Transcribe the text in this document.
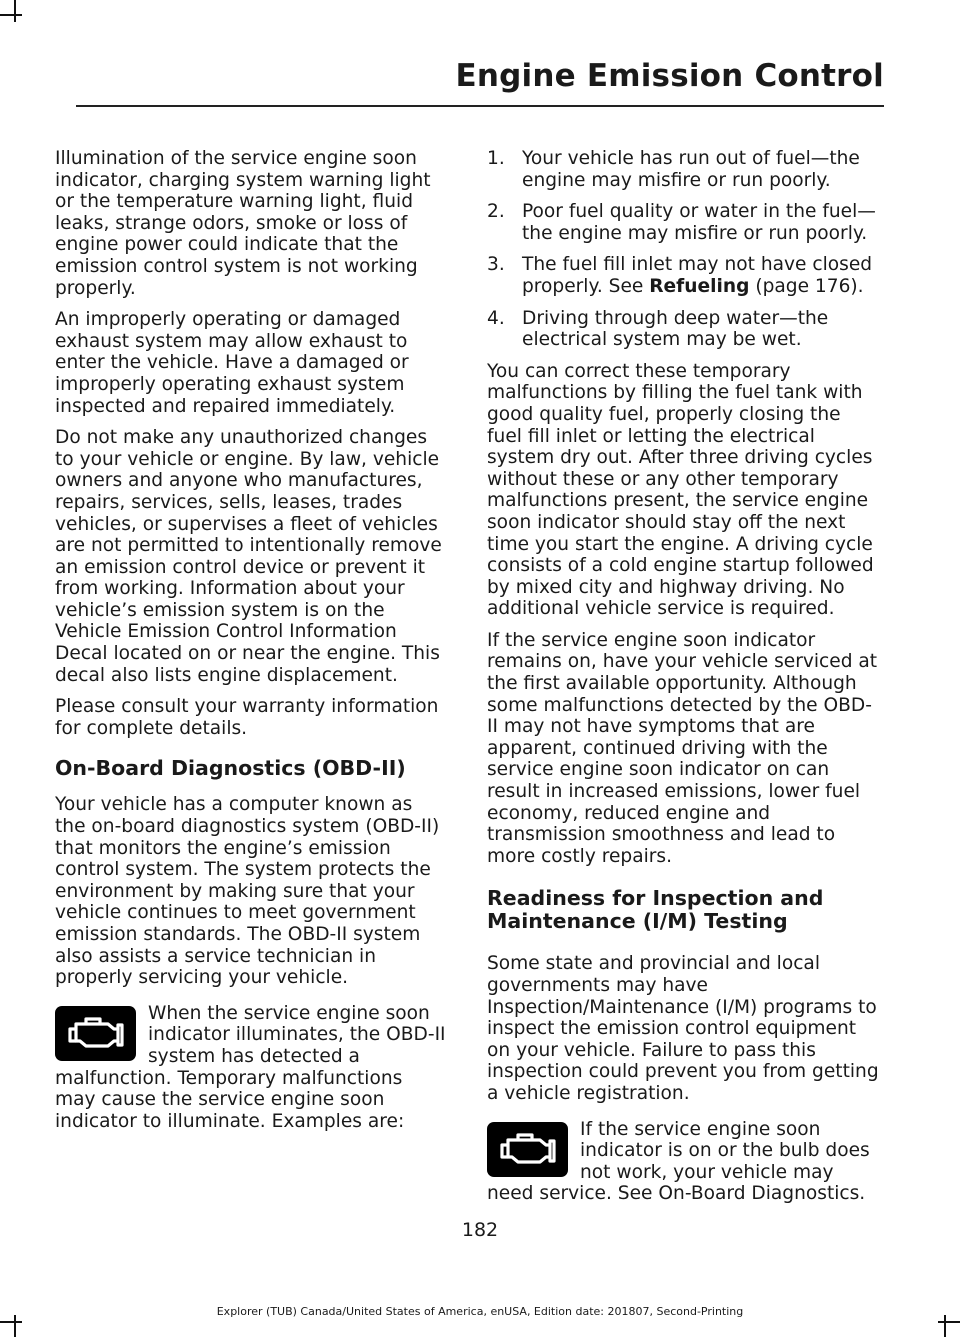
Engine Emission Control

Illumination of the service engine soon indicator, charging system warning light or the temperature warning light, fluid leaks, strange odors, smoke or loss of engine power could indicate that the emission control system is not working properly.

An improperly operating or damaged exhaust system may allow exhaust to enter the vehicle. Have a damaged or improperly operating exhaust system inspected and repaired immediately.

Do not make any unauthorized changes to your vehicle or engine. By law, vehicle owners and anyone who manufactures, repairs, services, sells, leases, trades vehicles, or supervises a fleet of vehicles are not permitted to intentionally remove an emission control device or prevent it from working. Information about your vehicle’s emission system is on the Vehicle Emission Control Information Decal located on or near the engine. This decal also lists engine displacement.

Please consult your warranty information for complete details.

On-Board Diagnostics (OBD-II)

Your vehicle has a computer known as the on-board diagnostics system (OBD-II) that monitors the engine’s emission control system. The system protects the environment by making sure that your vehicle continues to meet government emission standards. The OBD-II system also assists a service technician in properly servicing your vehicle.

When the service engine soon indicator illuminates, the OBD-II system has detected a malfunction. Temporary malfunctions may cause the service engine soon indicator to illuminate. Examples are:

1. Your vehicle has run out of fuel—the engine may misfire or run poorly.
2. Poor fuel quality or water in the fuel—the engine may misfire or run poorly.
3. The fuel fill inlet may not have closed properly. See Refueling (page 176).
4. Driving through deep water—the electrical system may be wet.

You can correct these temporary malfunctions by filling the fuel tank with good quality fuel, properly closing the fuel fill inlet or letting the electrical system dry out. After three driving cycles without these or any other temporary malfunctions present, the service engine soon indicator should stay off the next time you start the engine. A driving cycle consists of a cold engine startup followed by mixed city and highway driving. No additional vehicle service is required.

If the service engine soon indicator remains on, have your vehicle serviced at the first available opportunity. Although some malfunctions detected by the OBD-II may not have symptoms that are apparent, continued driving with the service engine soon indicator on can result in increased emissions, lower fuel economy, reduced engine and transmission smoothness and lead to more costly repairs.

Readiness for Inspection and Maintenance (I/M) Testing

Some state and provincial and local governments may have Inspection/Maintenance (I/M) programs to inspect the emission control equipment on your vehicle. Failure to pass this inspection could prevent you from getting a vehicle registration.

If the service engine soon indicator is on or the bulb does not work, your vehicle may need service. See On-Board Diagnostics.

182
Explorer (TUB) Canada/United States of America, enUSA, Edition date: 201807, Second-Printing
